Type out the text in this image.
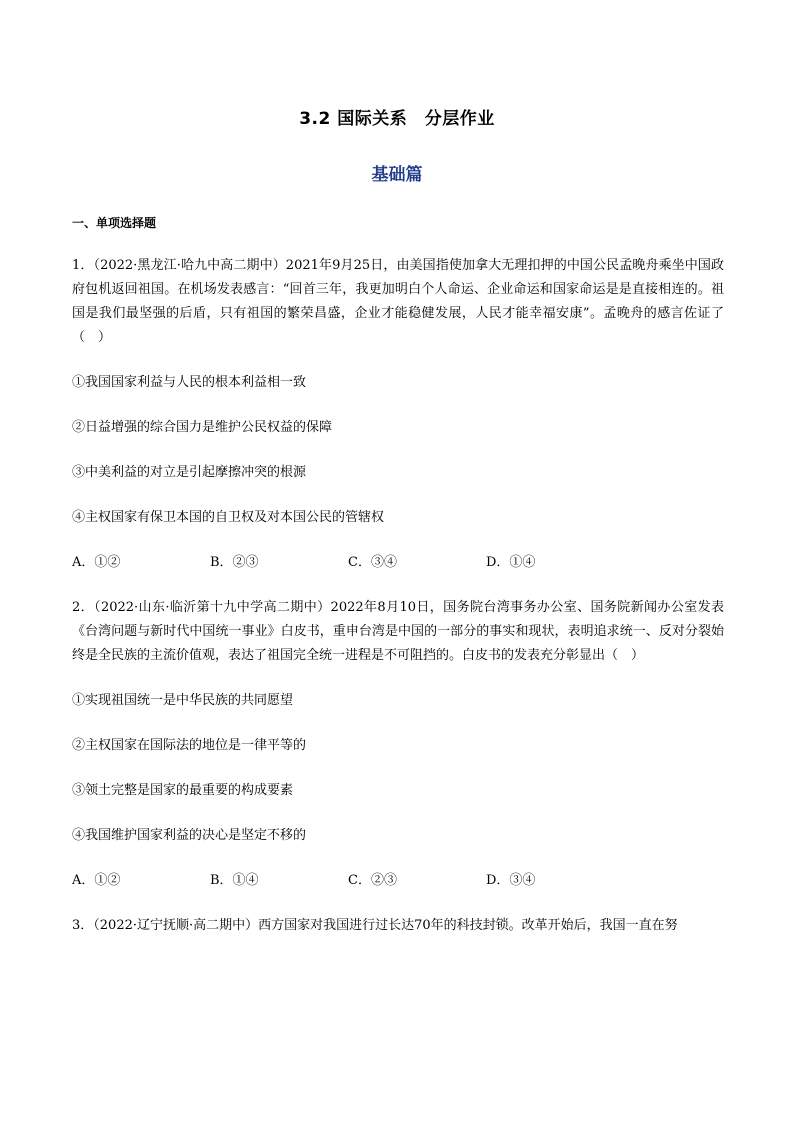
3.2 国际关系　分层作业
基础篇
一、单项选择题
1．（2022·黑龙江·哈九中高二期中）2021年9月25日，由美国指使加拿大无理扣押的中国公民孟晚舟乘坐中国政府包机返回祖国。在机场发表感言：“回首三年，我更加明白个人命运、企业命运和国家命运是是直接相连的。祖国是我们最坚强的后盾，只有祖国的繁荣昌盛，企业才能稳健发展，人民才能幸福安康”。孟晚舟的感言佐证了（　）
①我国国家利益与人民的根本利益相一致
②日益增强的综合国力是维护公民权益的保障
③中美利益的对立是引起摩擦冲突的根源
④主权国家有保卫本国的自卫权及对本国公民的管辖权
A．①②	B．②③	C．③④	D．①④
2．（2022·山东·临沂第十九中学高二期中）2022年8月10日，国务院台湾事务办公室、国务院新闻办公室发表《台湾问题与新时代中国统一事业》白皮书，重申台湾是中国的一部分的事实和现状，表明追求统一、反对分裂始终是全民族的主流价值观，表达了祖国完全统一进程是不可阻挡的。白皮书的发表充分彰显出（　）
①实现祖国统一是中华民族的共同愿望
②主权国家在国际法的地位是一律平等的
③领土完整是国家的最重要的构成要素
④我国维护国家利益的决心是坚定不移的
A．①②	B．①④	C．②③	D．③④
3．（2022·辽宁抚顺·高二期中）西方国家对我国进行过长达70年的科技封锁。改革开始后，我国一直在努
